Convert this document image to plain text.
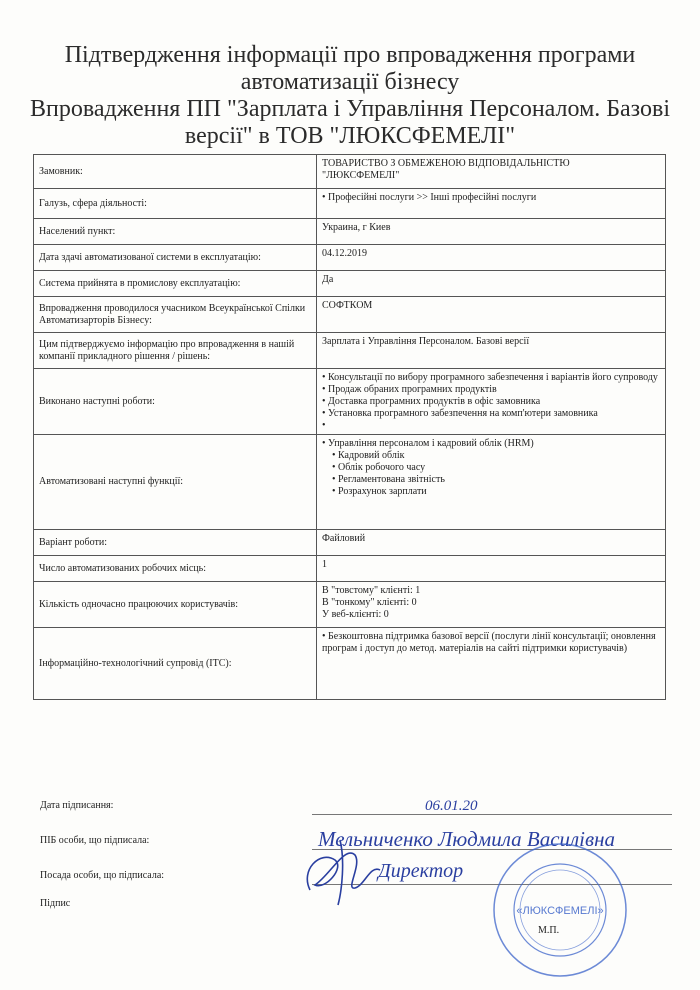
Підтвердження інформації про впровадження програми
автоматизації бізнесу
Впровадження ПП "Зарплата і Управління Персоналом. Базові
версії" в ТОВ "ЛЮКСФЕМЕЛІ"
Замовник:	ТОВАРИСТВО З ОБМЕЖЕНОЮ ВІДПОВІДАЛЬНІСТЮ
"ЛЮКСФЕМЕЛІ"

Галузь, сфера діяльності:	• Професійні послуги >> Інші професійні послуги

Населений пункт:	Украина, г Киев

Дата здачі автоматизованої системи в експлуатацію:	04.12.2019

Система прийнята в промислову експлуатацію:	Да

Впровадження проводилося учасником Всеукраїнської Спілки Автоматизарторів Бізнесу:	СОФТКОМ

Цим підтверджуємо інформацію про впровадження в нашій компанії прикладного рішення / рішень:	Зарплата і Управління Персоналом. Базові версії

Виконано наступні роботи:	• Консультації по вибору програмного забезпечення і варіантів його супроводу
• Продаж обраних програмних продуктів
• Доставка програмних продуктів в офіс замовника
• Установка програмного забезпечення на комп'ютери замовника
•

Автоматизовані наступні функції:	• Управління персоналом і кадровий облік (HRM)
• Кадровий облік
• Облік робочого часу
• Регламентована звітність
• Розрахунок зарплати

Варіант роботи:	Файловий

Число автоматизованих робочих місць:	1

Кількість одночасно працюючих користувачів:	В "товстому" клієнті: 1
В "тонкому" клієнті: 0
У веб-клієнті: 0

Інформаційно-технологічний супровід (ІТС):	• Безкоштовна підтримка базової версії (послуги лінії консультації; оновлення програм і доступ до метод. матеріалів на сайті підтримки користувачів)
Дата підписання:	06.01.20
ПІБ особи, що підписала:	Мельниченко Людмила Василівна
Посада особи, що підписала:	Директор
Підпис
«ЛЮКСФЕМЕЛІ»
М.П.
